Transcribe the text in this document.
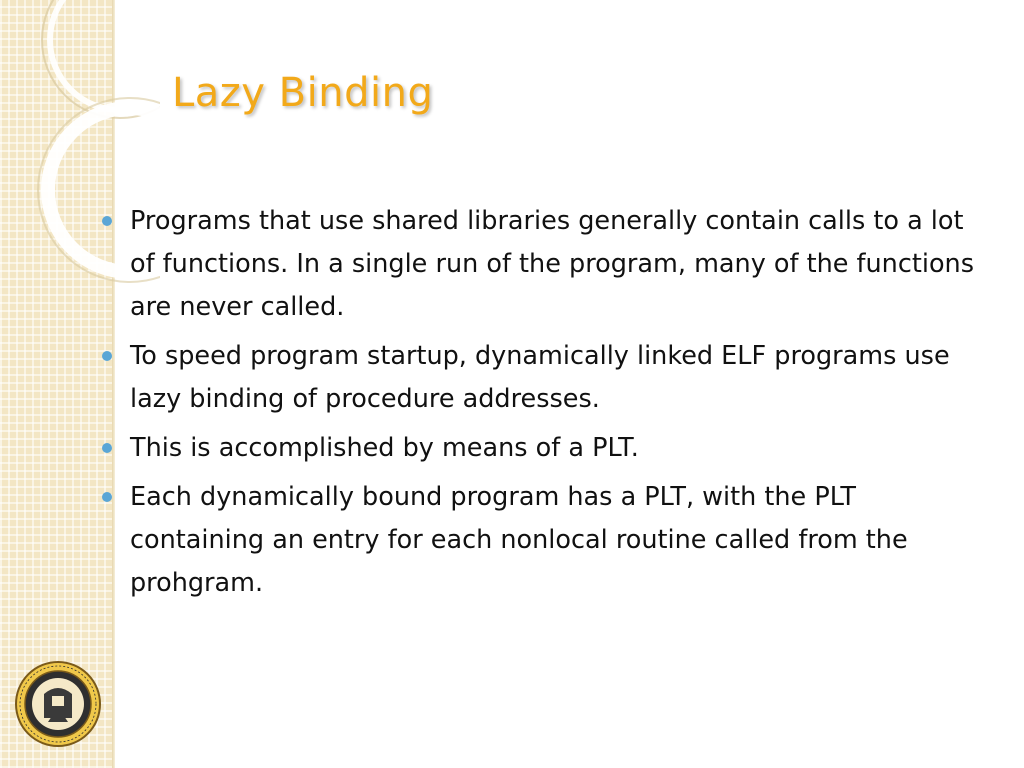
Lazy Binding
Programs that use shared libraries generally contain calls to a lot of functions. In a single run of the program, many of the functions are never called.
To speed program startup, dynamically linked ELF programs use lazy binding of procedure addresses.
This is accomplished by means of a PLT.
Each dynamically bound program has a PLT, with the PLT containing an entry for each nonlocal routine called from the prohgram.
